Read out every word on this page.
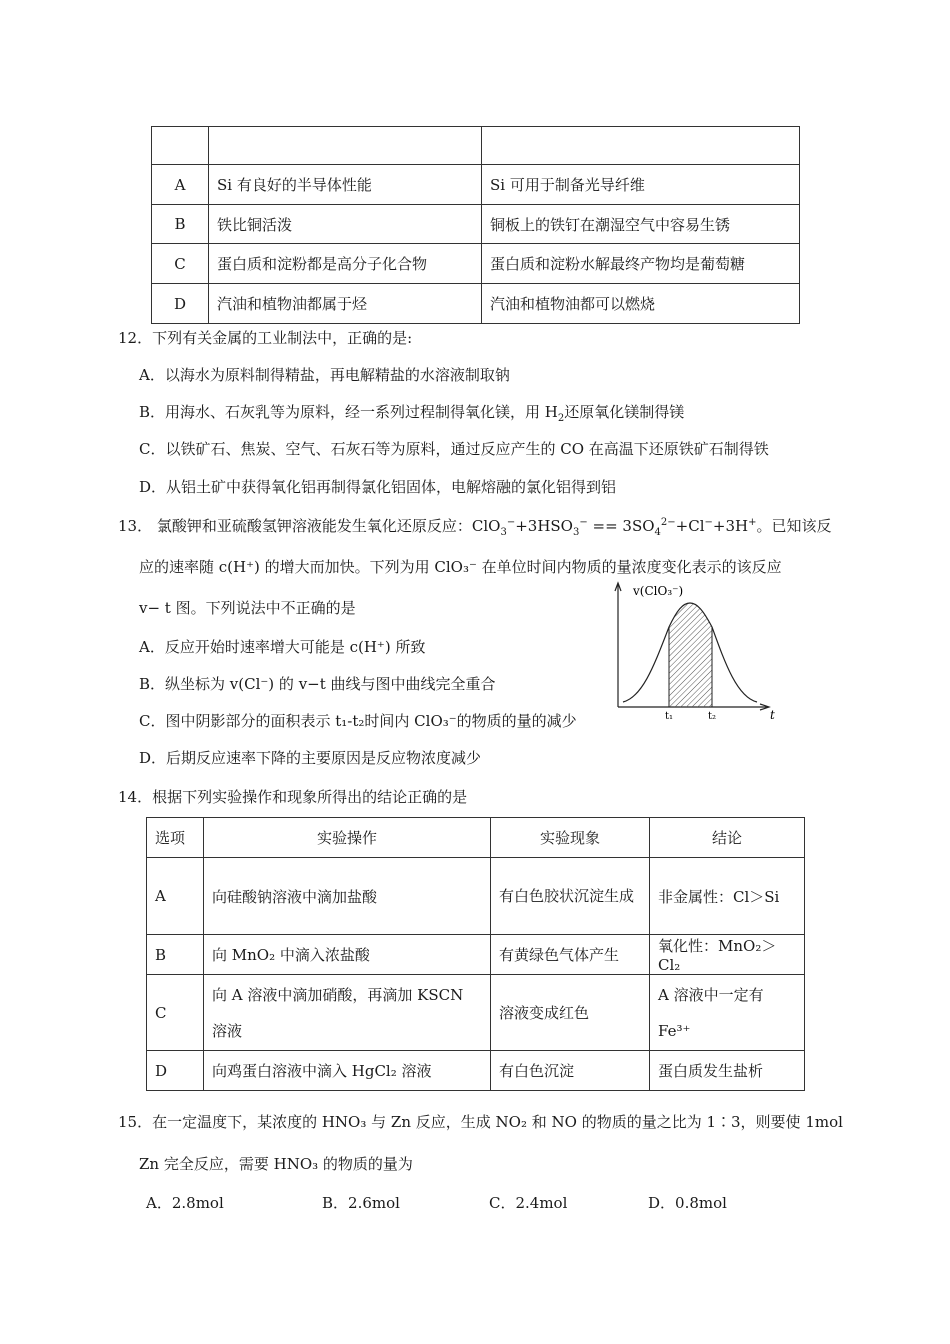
A	Si 有良好的半导体性能	Si 可用于制备光导纤维
B	铁比铜活泼	铜板上的铁钉在潮湿空气中容易生锈
C	蛋白质和淀粉都是高分子化合物	蛋白质和淀粉水解最终产物均是葡萄糖
D	汽油和植物油都属于烃	汽油和植物油都可以燃烧
12．下列有关金属的工业制法中，正确的是:
A．以海水为原料制得精盐，再电解精盐的水溶液制取钠
B．用海水、石灰乳等为原料，经一系列过程制得氧化镁，用 $H_2$还原氧化镁制得镁
C．以铁矿石、焦炭、空气、石灰石等为原料，通过反应产生的 CO 在高温下还原铁矿石制得铁
D．从铝土矿中获得氧化铝再制得氯化铝固体，电解熔融的氯化铝得到铝
13． 氯酸钾和亚硫酸氢钾溶液能发生氧化还原反应：$ClO_3^-+3HSO_3^- == 3SO_4^{2-}+Cl^-+3H^+$。已知该反
应的速率随 c(H⁺) 的增大而加快。下列为用 ClO₃⁻ 在单位时间内物质的量浓度变化表示的该反应
v− t 图。下列说法中不正确的是
A．反应开始时速率增大可能是 c(H⁺) 所致
B．纵坐标为 v(Cl⁻) 的 v−t 曲线与图中曲线完全重合
C．图中阴影部分的面积表示 t₁-t₂时间内 ClO₃⁻的物质的量的减少
D．后期反应速率下降的主要原因是反应物浓度减少
v(ClO₃⁻)
t₁	t₂	t
14．根据下列实验操作和现象所得出的结论正确的是
选项	实验操作	实验现象	结论
A	向硅酸钠溶液中滴加盐酸	有白色胶状沉淀生成	非金属性：Cl＞Si
B	向 MnO₂ 中滴入浓盐酸	有黄绿色气体产生	氧化性：MnO₂＞Cl₂
C	向 A 溶液中滴加硝酸，再滴加 KSCN 溶液	溶液变成红色	A 溶液中一定有 Fe³⁺
D	向鸡蛋白溶液中滴入 HgCl₂ 溶液	有白色沉淀	蛋白质发生盐析
15．在一定温度下，某浓度的 HNO₃ 与 Zn 反应，生成 NO₂ 和 NO 的物质的量之比为 1∶3，则要使 1mol
Zn 完全反应，需要 HNO₃ 的物质的量为
A．2.8mol	B．2.6mol	C．2.4mol	D．0.8mol
